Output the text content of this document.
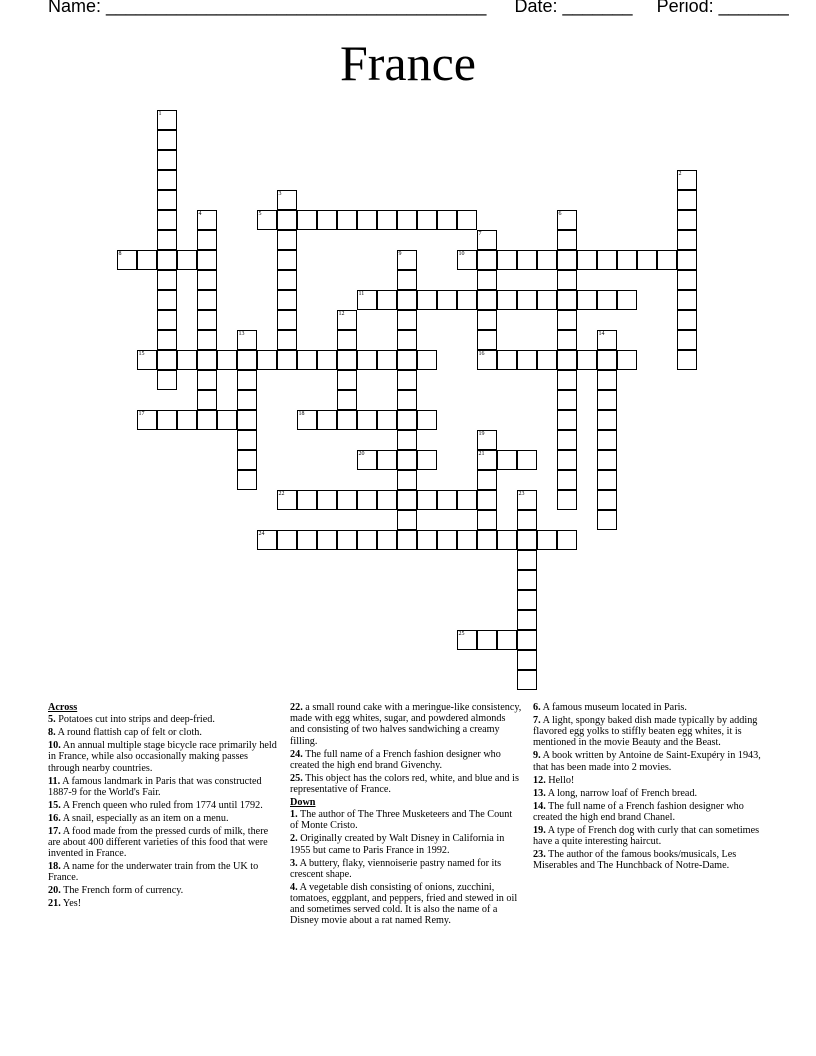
Name: ______________________________________ Date: _______ Period: _______
France
1
2
3
4	5	6
7
16
8	9	10
11
12
13	14
15
17	18
19
21
20
22	23
24
25
Across
5. Potatoes cut into strips and deep-fried.
8. A round flattish cap of felt or cloth.
10. An annual multiple stage bicycle race primarily held in France, while also occasionally making passes through nearby countries.
11. A famous landmark in Paris that was constructed 1887-9 for the World's Fair.
15. A French queen who ruled from 1774 until 1792.
16. A snail, especially as an item on a menu.
17. A food made from the pressed curds of milk, there are about 400 different varieties of this food that were invented in France.
18. A name for the underwater train from the UK to France.
20. The French form of currency.
21. Yes!
22. a small round cake with a meringue-like consistency, made with egg whites, sugar, and powdered almonds and consisting of two halves sandwiching a creamy filling.
24. The full name of a French fashion designer who created the high end brand Givenchy.
25. This object has the colors red, white, and blue and is representative of France.
Down
1. The author of The Three Musketeers and The Count of Monte Cristo.
2. Originally created by Walt Disney in California in 1955 but came to Paris France in 1992.
3. A buttery, flaky, viennoiserie pastry named for its crescent shape.
4. A vegetable dish consisting of onions, zucchini, tomatoes, eggplant, and peppers, fried and stewed in oil and sometimes served cold. It is also the name of a Disney movie about a rat named Remy.
6. A famous museum located in Paris.
7. A light, spongy baked dish made typically by adding flavored egg yolks to stiffly beaten egg whites, it is mentioned in the movie Beauty and the Beast.
9. A book written by Antoine de Saint-Exupéry in 1943, that has been made into 2 movies.
12. Hello!
13. A long, narrow loaf of French bread.
14. The full name of a French fashion designer who created the high end brand Chanel.
19. A type of French dog with curly that can sometimes have a quite interesting haircut.
23. The author of the famous books/musicals, Les Miserables and The Hunchback of Notre-Dame.
